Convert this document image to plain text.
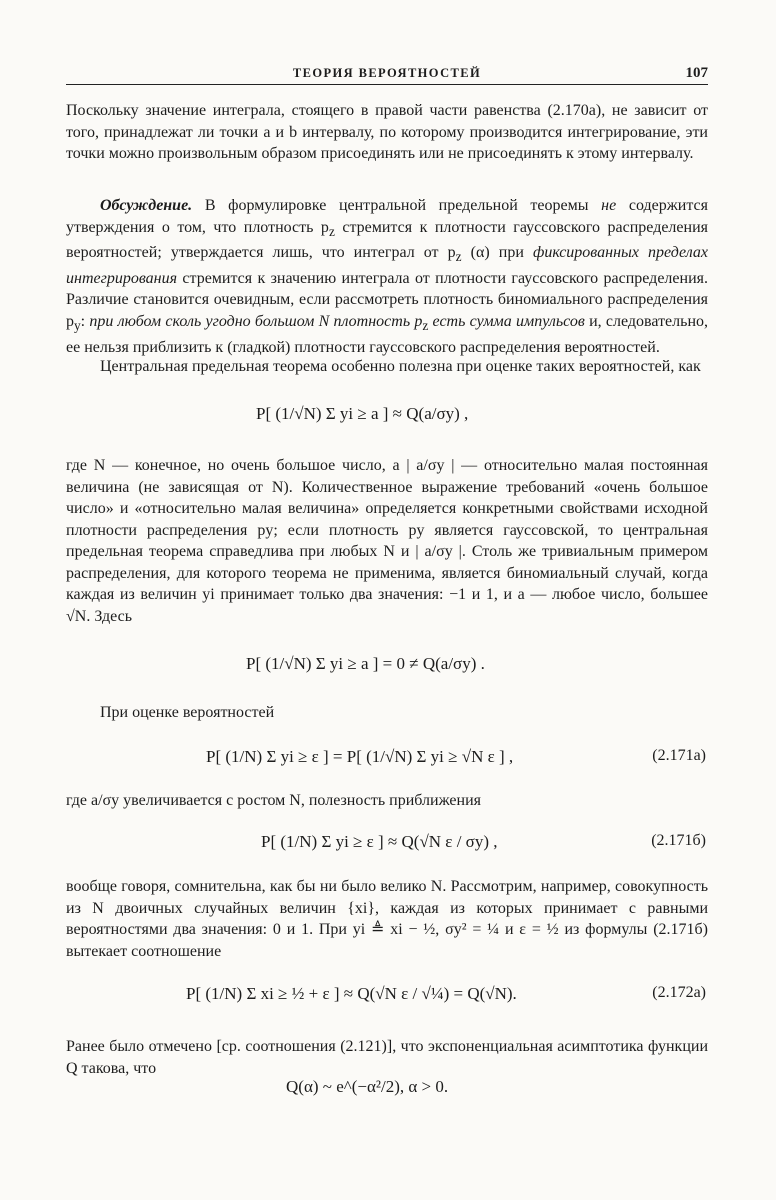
ТЕОРИЯ ВЕРОЯТНОСТЕЙ	107

Поскольку значение интеграла, стоящего в правой части равенства (2.170а), не зависит от того, принадлежат ли точки a и b интервалу, по которому производится интегрирование, эти точки можно произвольным образом присоединять или не присоединять к этому интервалу.

Обсуждение. В формулировке центральной предельной теоремы не содержится утверждения о том, что плотность $p_z$ стремится к плотности гауссовского распределения вероятностей; утверждается лишь, что интеграл от $p_z$ (α) при фиксированных пределах интегрирования стремится к значению интеграла от плотности гауссовского распределения. Различие становится очевидным, если рассмотреть плотность биномиального распределения $p_y$: при любом сколь угодно большом N плотность $p_z$ есть сумма импульсов и, следовательно, ее нельзя приблизить к (гладкой) плотности гауссовского распределения вероятностей.

Центральная предельная теорема особенно полезна при оценке таких вероятностей, как

P[ (1/√N) Σ yi ≥ a ] ≈ Q(a/σy) ,

где N — конечное, но очень большое число, а | a/σy | — относительно малая постоянная величина (не зависящая от N). Количественное выражение требований «очень большое число» и «относительно малая величина» определяется конкретными свойствами исходной плотности распределения py; если плотность py является гауссовской, то центральная предельная теорема справедлива при любых N и | a/σy |. Столь же тривиальным примером распределения, для которого теорема не применима, является биномиальный случай, когда каждая из величин yi принимает только два значения: −1 и 1, и a — любое число, большее √N. Здесь

P[ (1/√N) Σ yi ≥ a ] = 0 ≠ Q(a/σy) .

При оценке вероятностей

P[ (1/N) Σ yi ≥ ε ] = P[ (1/√N) Σ yi ≥ √N ε ] ,	(2.171а)

где a/σy увеличивается с ростом N, полезность приближения

P[ (1/N) Σ yi ≥ ε ] ≈ Q(√N ε / σy) ,	(2.171б)

вообще говоря, сомнительна, как бы ни было велико N. Рассмотрим, например, совокупность из N двоичных случайных величин {xi}, каждая из которых принимает с равными вероятностями два значения: 0 и 1. При yi ≜ xi − ½, σy² = ¼ и ε = ½ из формулы (2.171б) вытекает соотношение

P[ (1/N) Σ xi ≥ ½ + ε ] ≈ Q(√N ε / √¼) = Q(√N).	(2.172а)

Ранее было отмечено [ср. соотношения (2.121)], что экспоненциальная асимптотика функции Q такова, что

Q(α) ~ e^(−α²/2), α > 0.
